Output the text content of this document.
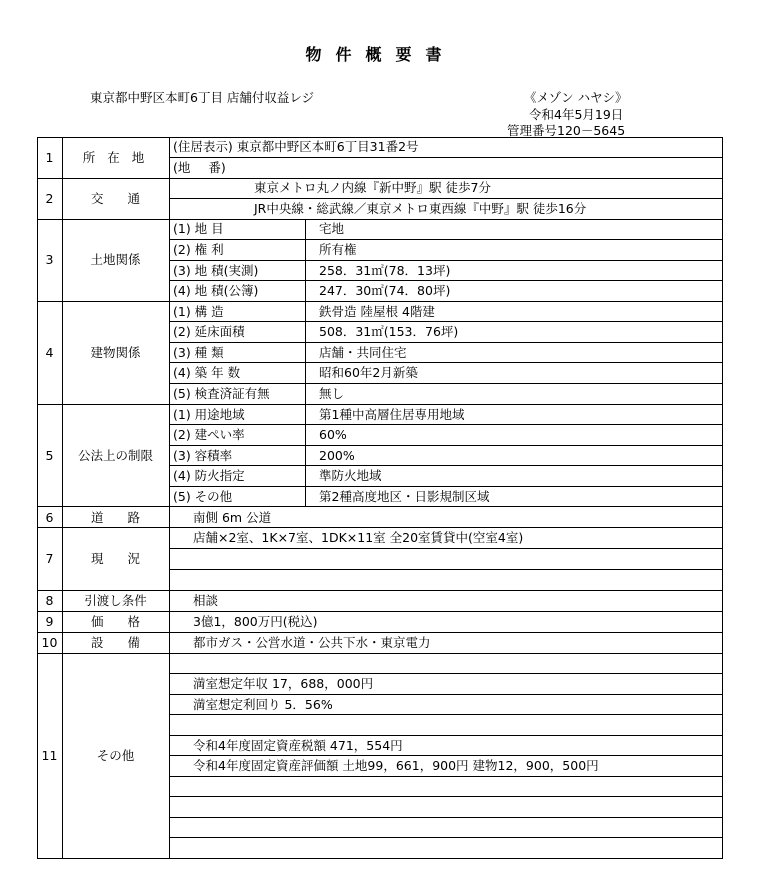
物件概要書
東京都中野区本町6丁目 店舗付収益レジ	《メゾン ハヤシ》
令和4年5月19日
管理番号120－5645
1	所 在 地
(住居表示) 東京都中野区本町6丁目31番2号
(地 番)
2	交 通
東京メトロ丸ノ内線『新中野』駅 徒歩7分
JR中央線・総武線／東京メトロ東西線『中野』駅 徒歩16分
3	土地関係
(1) 地 目	宅地
(2) 権 利	所有権
(3) 地 積(実測)	258．31㎡(78．13坪)
(4) 地 積(公簿)	247．30㎡(74．80坪)
4	建物関係
(1) 構 造	鉄骨造 陸屋根 4階建
(2) 延床面積	508．31㎡(153．76坪)
(3) 種 類	店舗・共同住宅
(4) 築 年 数	昭和60年2月新築
(5) 検査済証有無	無し
5	公法上の制限
(1) 用途地域	第1種中高層住居専用地域
(2) 建ぺい率	60%
(3) 容積率	200%
(4) 防火指定	準防火地域
(5) その他	第2種高度地区・日影規制区域
6	道 路	南側 6m 公道
7	現 況
店舗×2室、1K×7室、1DK×11室 全20室賃貸中(空室4室)
8	引渡し条件	相談
9	価 格	3億1，800万円(税込)
10	設 備	都市ガス・公営水道・公共下水・東京電力
11	その他
満室想定年収 17，688，000円
満室想定利回り 5．56%
令和4年度固定資産税額 471，554円
令和4年度固定資産評価額 土地99，661，900円 建物12，900，500円
